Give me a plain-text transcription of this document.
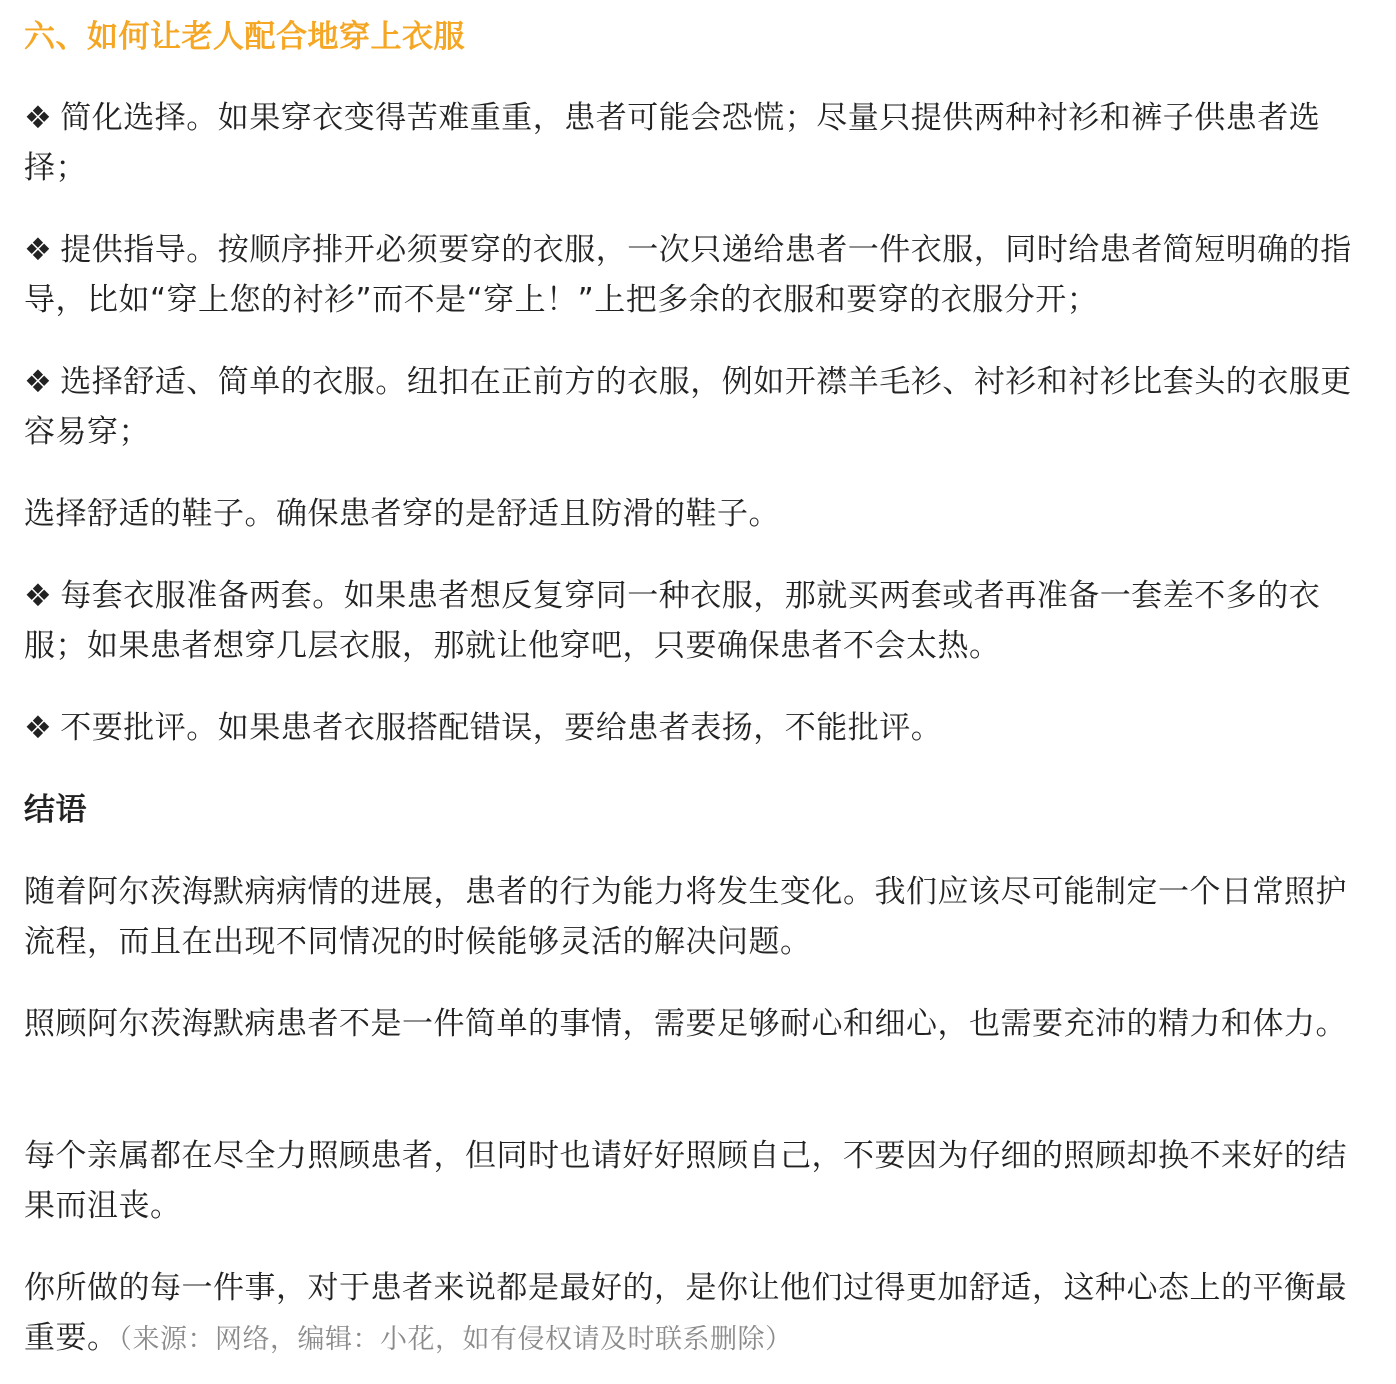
六、如何让老人配合地穿上衣服

❖ 简化选择。如果穿衣变得苦难重重，患者可能会恐慌；尽量只提供两种衬衫和裤子供患者选择；

❖ 提供指导。按顺序排开必须要穿的衣服，一次只递给患者一件衣服，同时给患者简短明确的指导，比如“穿上您的衬衫”而不是“穿上！”上把多余的衣服和要穿的衣服分开；

❖ 选择舒适、简单的衣服。纽扣在正前方的衣服，例如开襟羊毛衫、衬衫和衬衫比套头的衣服更容易穿；

选择舒适的鞋子。确保患者穿的是舒适且防滑的鞋子。

❖ 每套衣服准备两套。如果患者想反复穿同一种衣服，那就买两套或者再准备一套差不多的衣服；如果患者想穿几层衣服，那就让他穿吧，只要确保患者不会太热。

❖ 不要批评。如果患者衣服搭配错误，要给患者表扬，不能批评。

结语

随着阿尔茨海默病病情的进展，患者的行为能力将发生变化。我们应该尽可能制定一个日常照护流程，而且在出现不同情况的时候能够灵活的解决问题。

照顾阿尔茨海默病患者不是一件简单的事情，需要足够耐心和细心，也需要充沛的精力和体力。

每个亲属都在尽全力照顾患者，但同时也请好好照顾自己，不要因为仔细的照顾却换不来好的结果而沮丧。

你所做的每一件事，对于患者来说都是最好的，是你让他们过得更加舒适，这种心态上的平衡最重要。（来源：网络，编辑：小花，如有侵权请及时联系删除）
